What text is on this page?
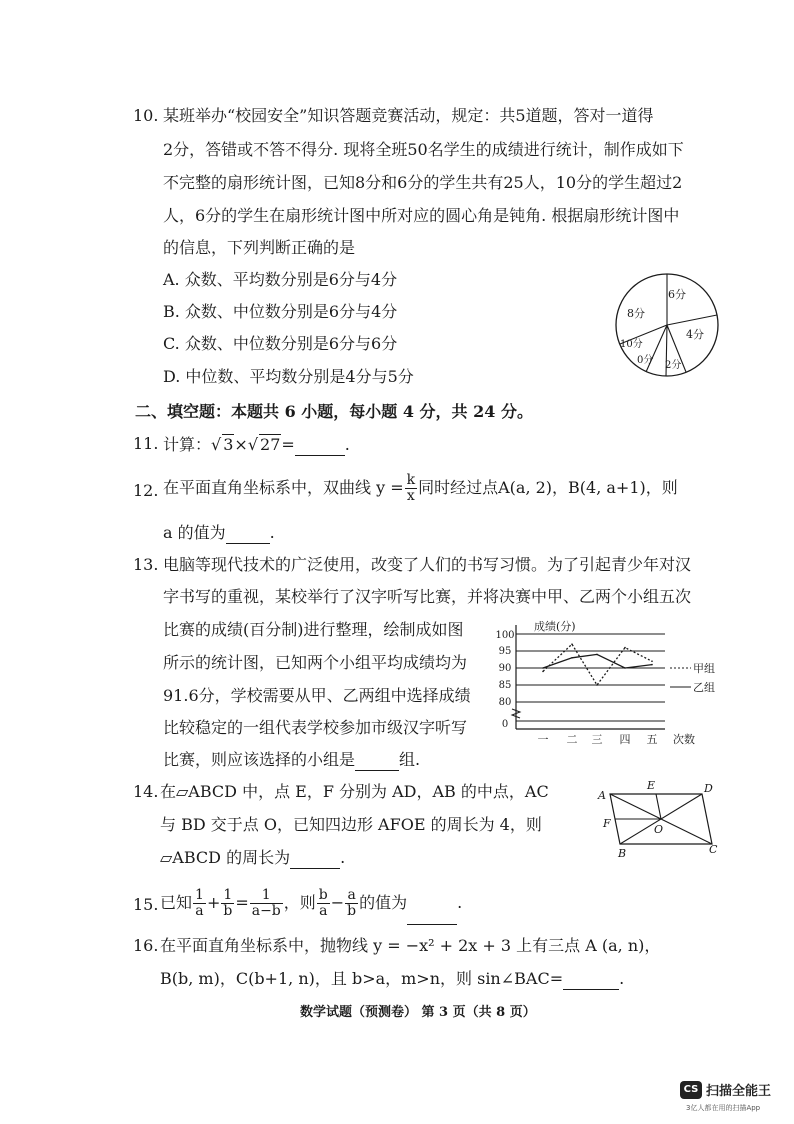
10. 某班举办“校园安全”知识答题竞赛活动，规定：共5道题，答对一道得
2分，答错或不答不得分. 现将全班50名学生的成绩进行统计，制作成如下
不完整的扇形统计图，已知8分和6分的学生共有25人，10分的学生超过2
人，6分的学生在扇形统计图中所对应的圆心角是钝角. 根据扇形统计图中
的信息，下列判断正确的是
A. 众数、平均数分别是6分与4分
B. 众数、中位数分别是6分与4分
C. 众数、中位数分别是6分与6分
D. 中位数、平均数分别是4分与5分
6分
4分
2分
0分
10分
8分
二、填空题：本题共 6 小题，每小题 4 分，共 24 分。
11. 计算：√ 3×√ 27=	.
12. 在平面直角坐标系中，双曲线 $y = \frac{k}{x}$ 同时经过点A(a, 2)，B(4, a+1)，则
a 的值为	.
13. 电脑等现代技术的广泛使用，改变了人们的书写习惯。为了引起青少年对汉
字书写的重视，某校举行了汉字听写比赛，并将决赛中甲、乙两个小组五次
比赛的成绩(百分制)进行整理，绘制成如图
所示的统计图，已知两个小组平均成绩均为
91.6分，学校需要从甲、乙两组中选择成绩
比较稳定的一组代表学校参加市级汉字听写
比赛，则应该选择的小组是	组.
成绩(分)
100
95
90
85
80
0
一 二 三 四 五 次数
甲组
乙组
14. 在▱ABCD 中，点 E，F 分别为 AD，AB 的中点，AC
与 BD 交于点 O，已知四边形 AFOE 的周长为 4，则
▱ABCD 的周长为	.
A
E	D
F	O
B	C
15. 已知 $\frac{1}{a} + \frac{1}{b} = \frac{1}{a-b}$ ，则 $\frac{b}{a} - \frac{a}{b}$ 的值为	.
16. 在平面直角坐标系中，抛物线 y = −x² + 2x + 3 上有三点 A (a, n)，
B(b, m)，C(b+1, n)，且 b>a，m>n，则 sin∠BAC=	.
数学试题（预测卷） 第 3 页（共 8 页）
CS 扫描全能王
3亿人都在用的扫描App
